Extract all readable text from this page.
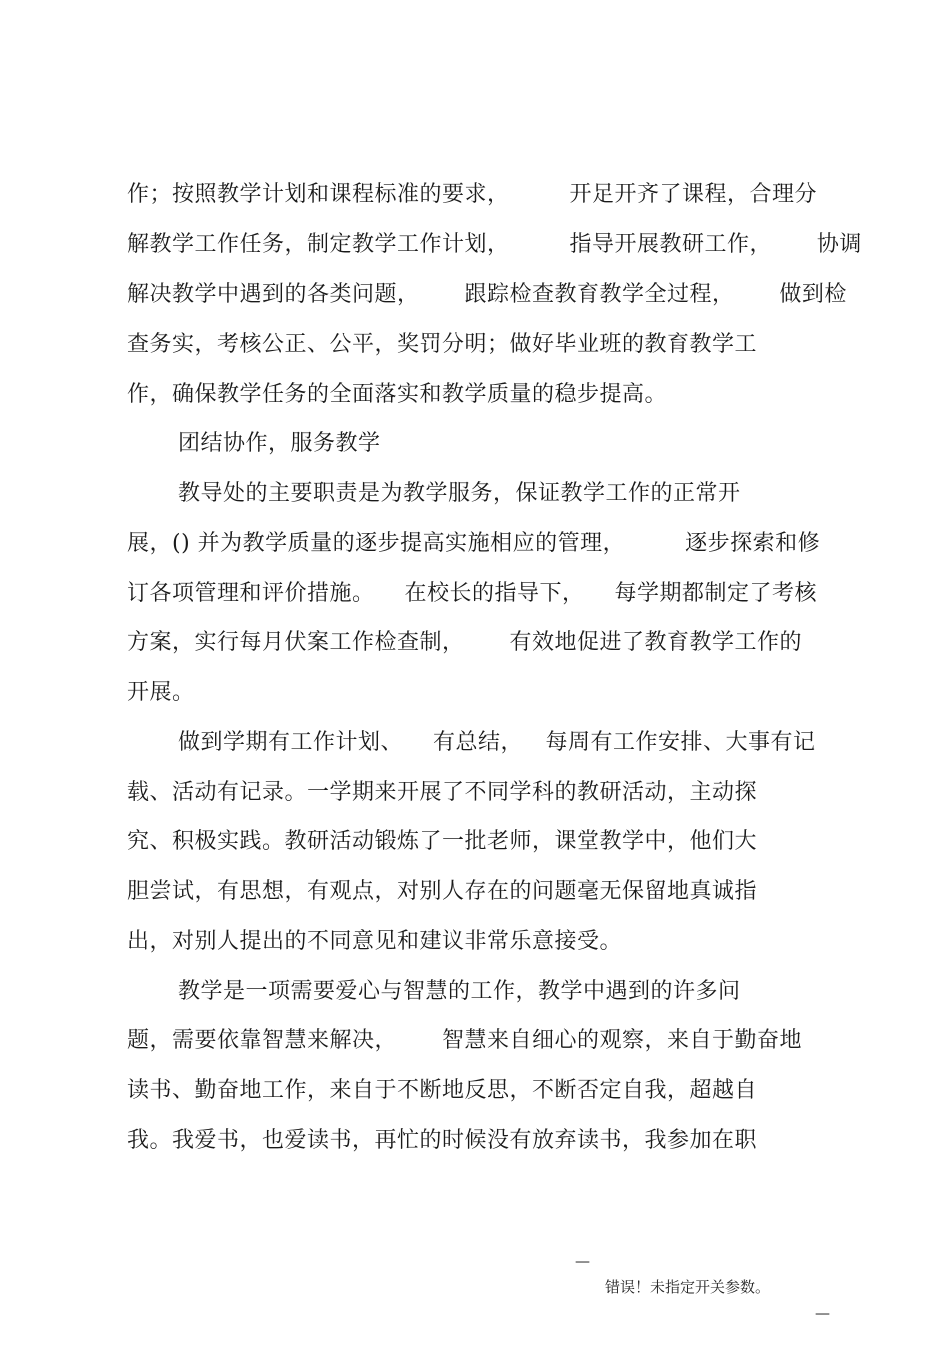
作；按照教学计划和课程标准的要求，        开足开齐了课程，合理分
解教学工作任务，制定教学工作计划，        指导开展教研工作，      协调
解决教学中遇到的各类问题，      跟踪检查教育教学全过程，      做到检
查务实，考核公正、公平，奖罚分明；做好毕业班的教育教学工
作，确保教学任务的全面落实和教学质量的稳步提高。
团结协作，服务教学
教导处的主要职责是为教学服务，保证教学工作的正常开
展，() 并为教学质量的逐步提高实施相应的管理，        逐步探索和修
订各项管理和评价措施。    在校长的指导下，    每学期都制定了考核
方案，实行每月伏案工作检查制，      有效地促进了教育教学工作的
开展。
做到学期有工作计划、    有总结，   每周有工作安排、大事有记
载、活动有记录。一学期来开展了不同学科的教研活动，主动探
究、积极实践。教研活动锻炼了一批老师，课堂教学中，他们大
胆尝试，有思想，有观点，对别人存在的问题毫无保留地真诚指
出，对别人提出的不同意见和建议非常乐意接受。
教学是一项需要爱心与智慧的工作，教学中遇到的许多问
题，需要依靠智慧来解决，      智慧来自细心的观察，来自于勤奋地
读书、勤奋地工作，来自于不断地反思，不断否定自我，超越自
我。我爱书，也爱读书，再忙的时候没有放弃读书，我参加在职

—

错误！未指定开关参数。

—
